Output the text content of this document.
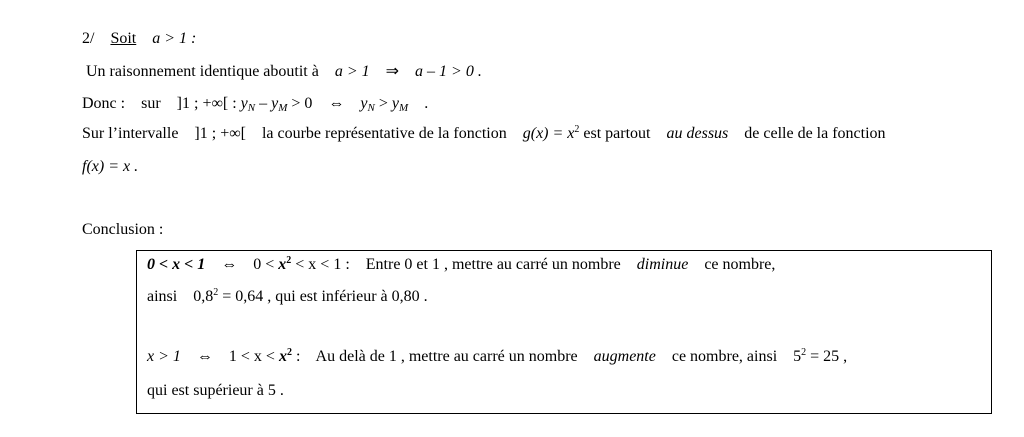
2/ Soit a > 1 :
Un raisonnement identique aboutit à a > 1 ⇒ a – 1 > 0 .
Donc : sur ]1 ; +∞[ : $y_N - y_M > 0$ ⇔ $y_N > y_M$ .
Sur l’intervalle ]1 ; +∞[ la courbe représentative de la fonction $g(x) = x^2$ est partout au dessus de celle de la fonction
f(x) = x .
Conclusion :
0 < x < 1 ⇔ $0 < x^2 < x < 1$ : Entre 0 et 1 , mettre au carré un nombre diminue ce nombre,
ainsi $0,8^2 = 0,64$ , qui est inférieur à 0,80 .
x > 1 ⇔ $1 < x < x^2$ : Au delà de 1 , mettre au carré un nombre augmente ce nombre, ainsi $5^2 = 25$ ,
qui est supérieur à 5 .
